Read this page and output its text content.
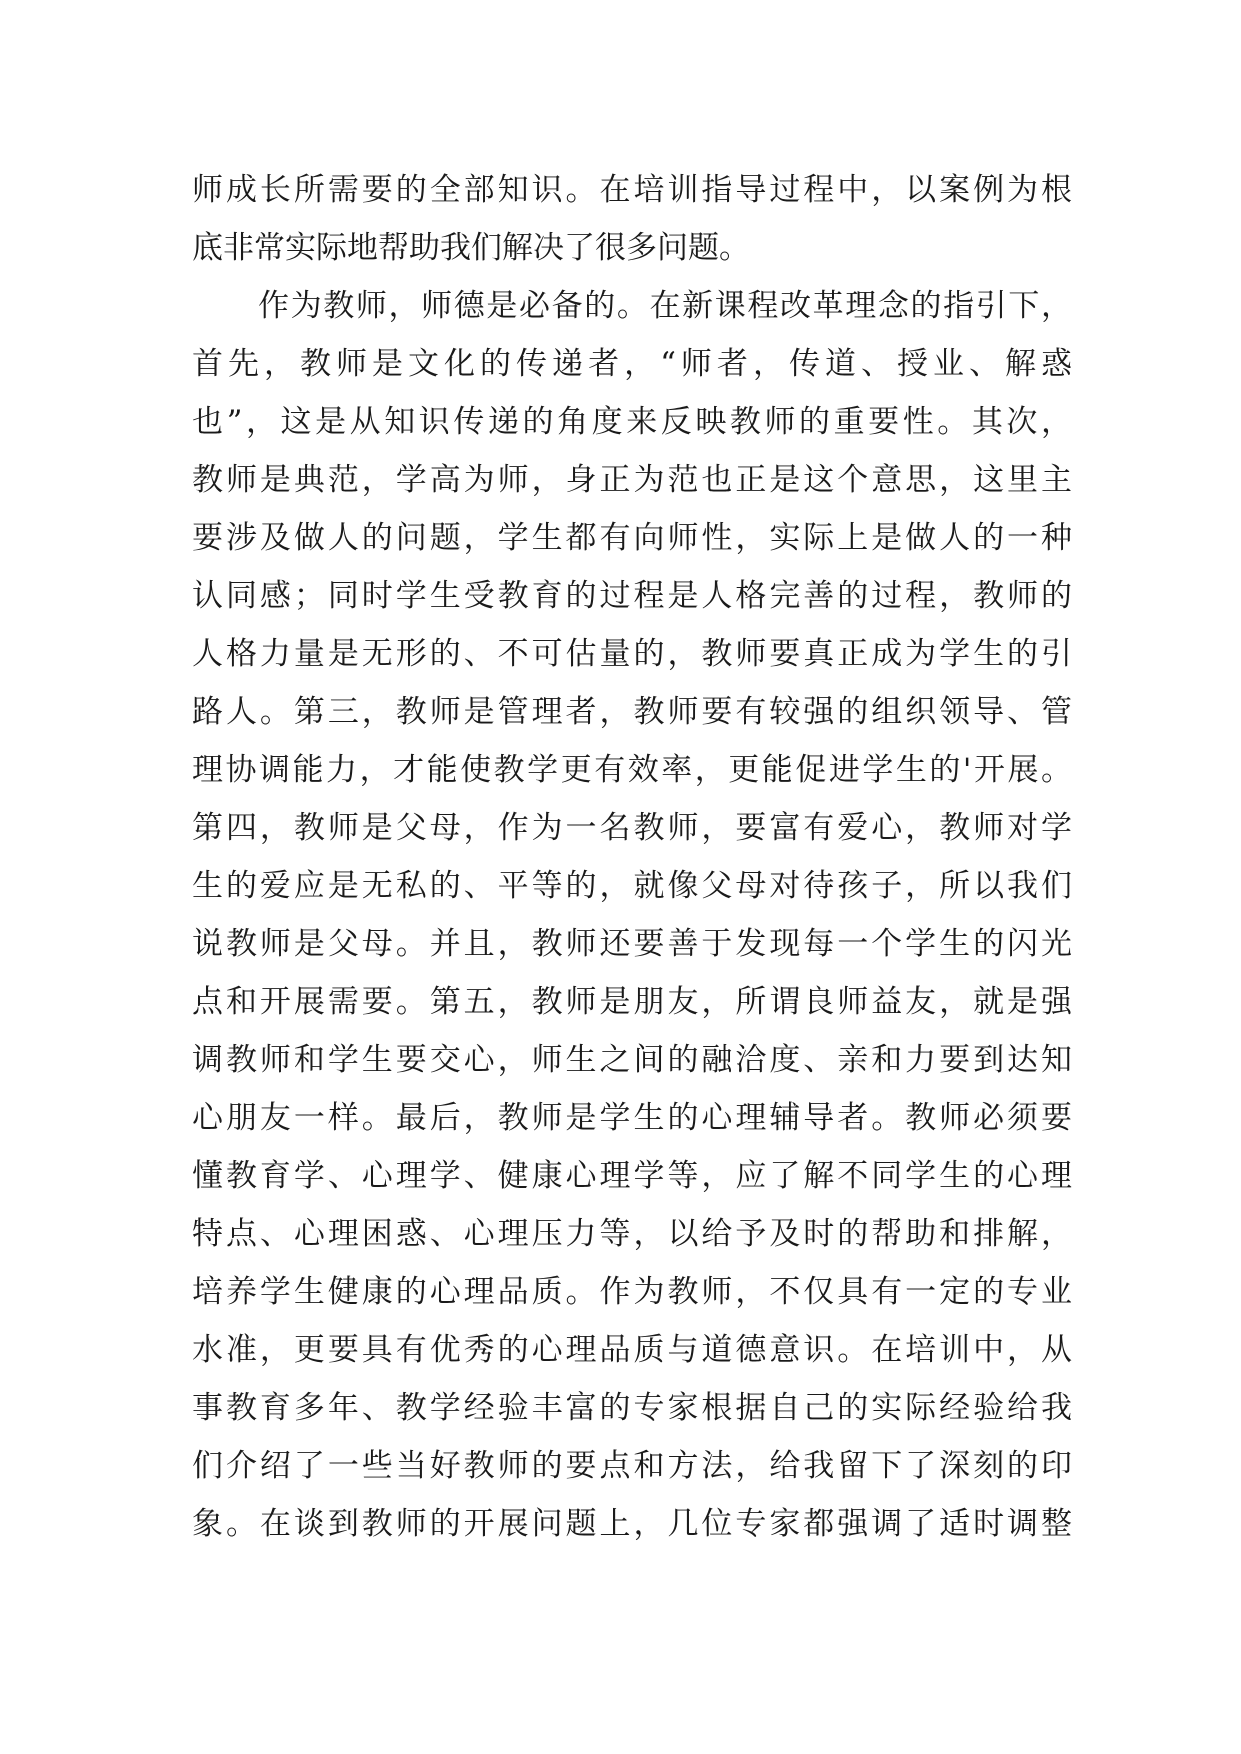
师成长所需要的全部知识。在培训指导过程中，以案例为根
底非常实际地帮助我们解决了很多问题。
作为教师，师德是必备的。在新课程改革理念的指引下，
首先，教师是文化的传递者，“师者，传道、授业、解惑
也”，这是从知识传递的角度来反映教师的重要性。其次，
教师是典范，学高为师，身正为范也正是这个意思，这里主
要涉及做人的问题，学生都有向师性，实际上是做人的一种
认同感；同时学生受教育的过程是人格完善的过程，教师的
人格力量是无形的、不可估量的，教师要真正成为学生的引
路人。第三，教师是管理者，教师要有较强的组织领导、管
理协调能力，才能使教学更有效率，更能促进学生的'开展。
第四，教师是父母，作为一名教师，要富有爱心，教师对学
生的爱应是无私的、平等的，就像父母对待孩子，所以我们
说教师是父母。并且，教师还要善于发现每一个学生的闪光
点和开展需要。第五，教师是朋友，所谓良师益友，就是强
调教师和学生要交心，师生之间的融洽度、亲和力要到达知
心朋友一样。最后，教师是学生的心理辅导者。教师必须要
懂教育学、心理学、健康心理学等，应了解不同学生的心理
特点、心理困惑、心理压力等，以给予及时的帮助和排解，
培养学生健康的心理品质。作为教师，不仅具有一定的专业
水准，更要具有优秀的心理品质与道德意识。在培训中，从
事教育多年、教学经验丰富的专家根据自己的实际经验给我
们介绍了一些当好教师的要点和方法，给我留下了深刻的印
象。在谈到教师的开展问题上，几位专家都强调了适时调整
